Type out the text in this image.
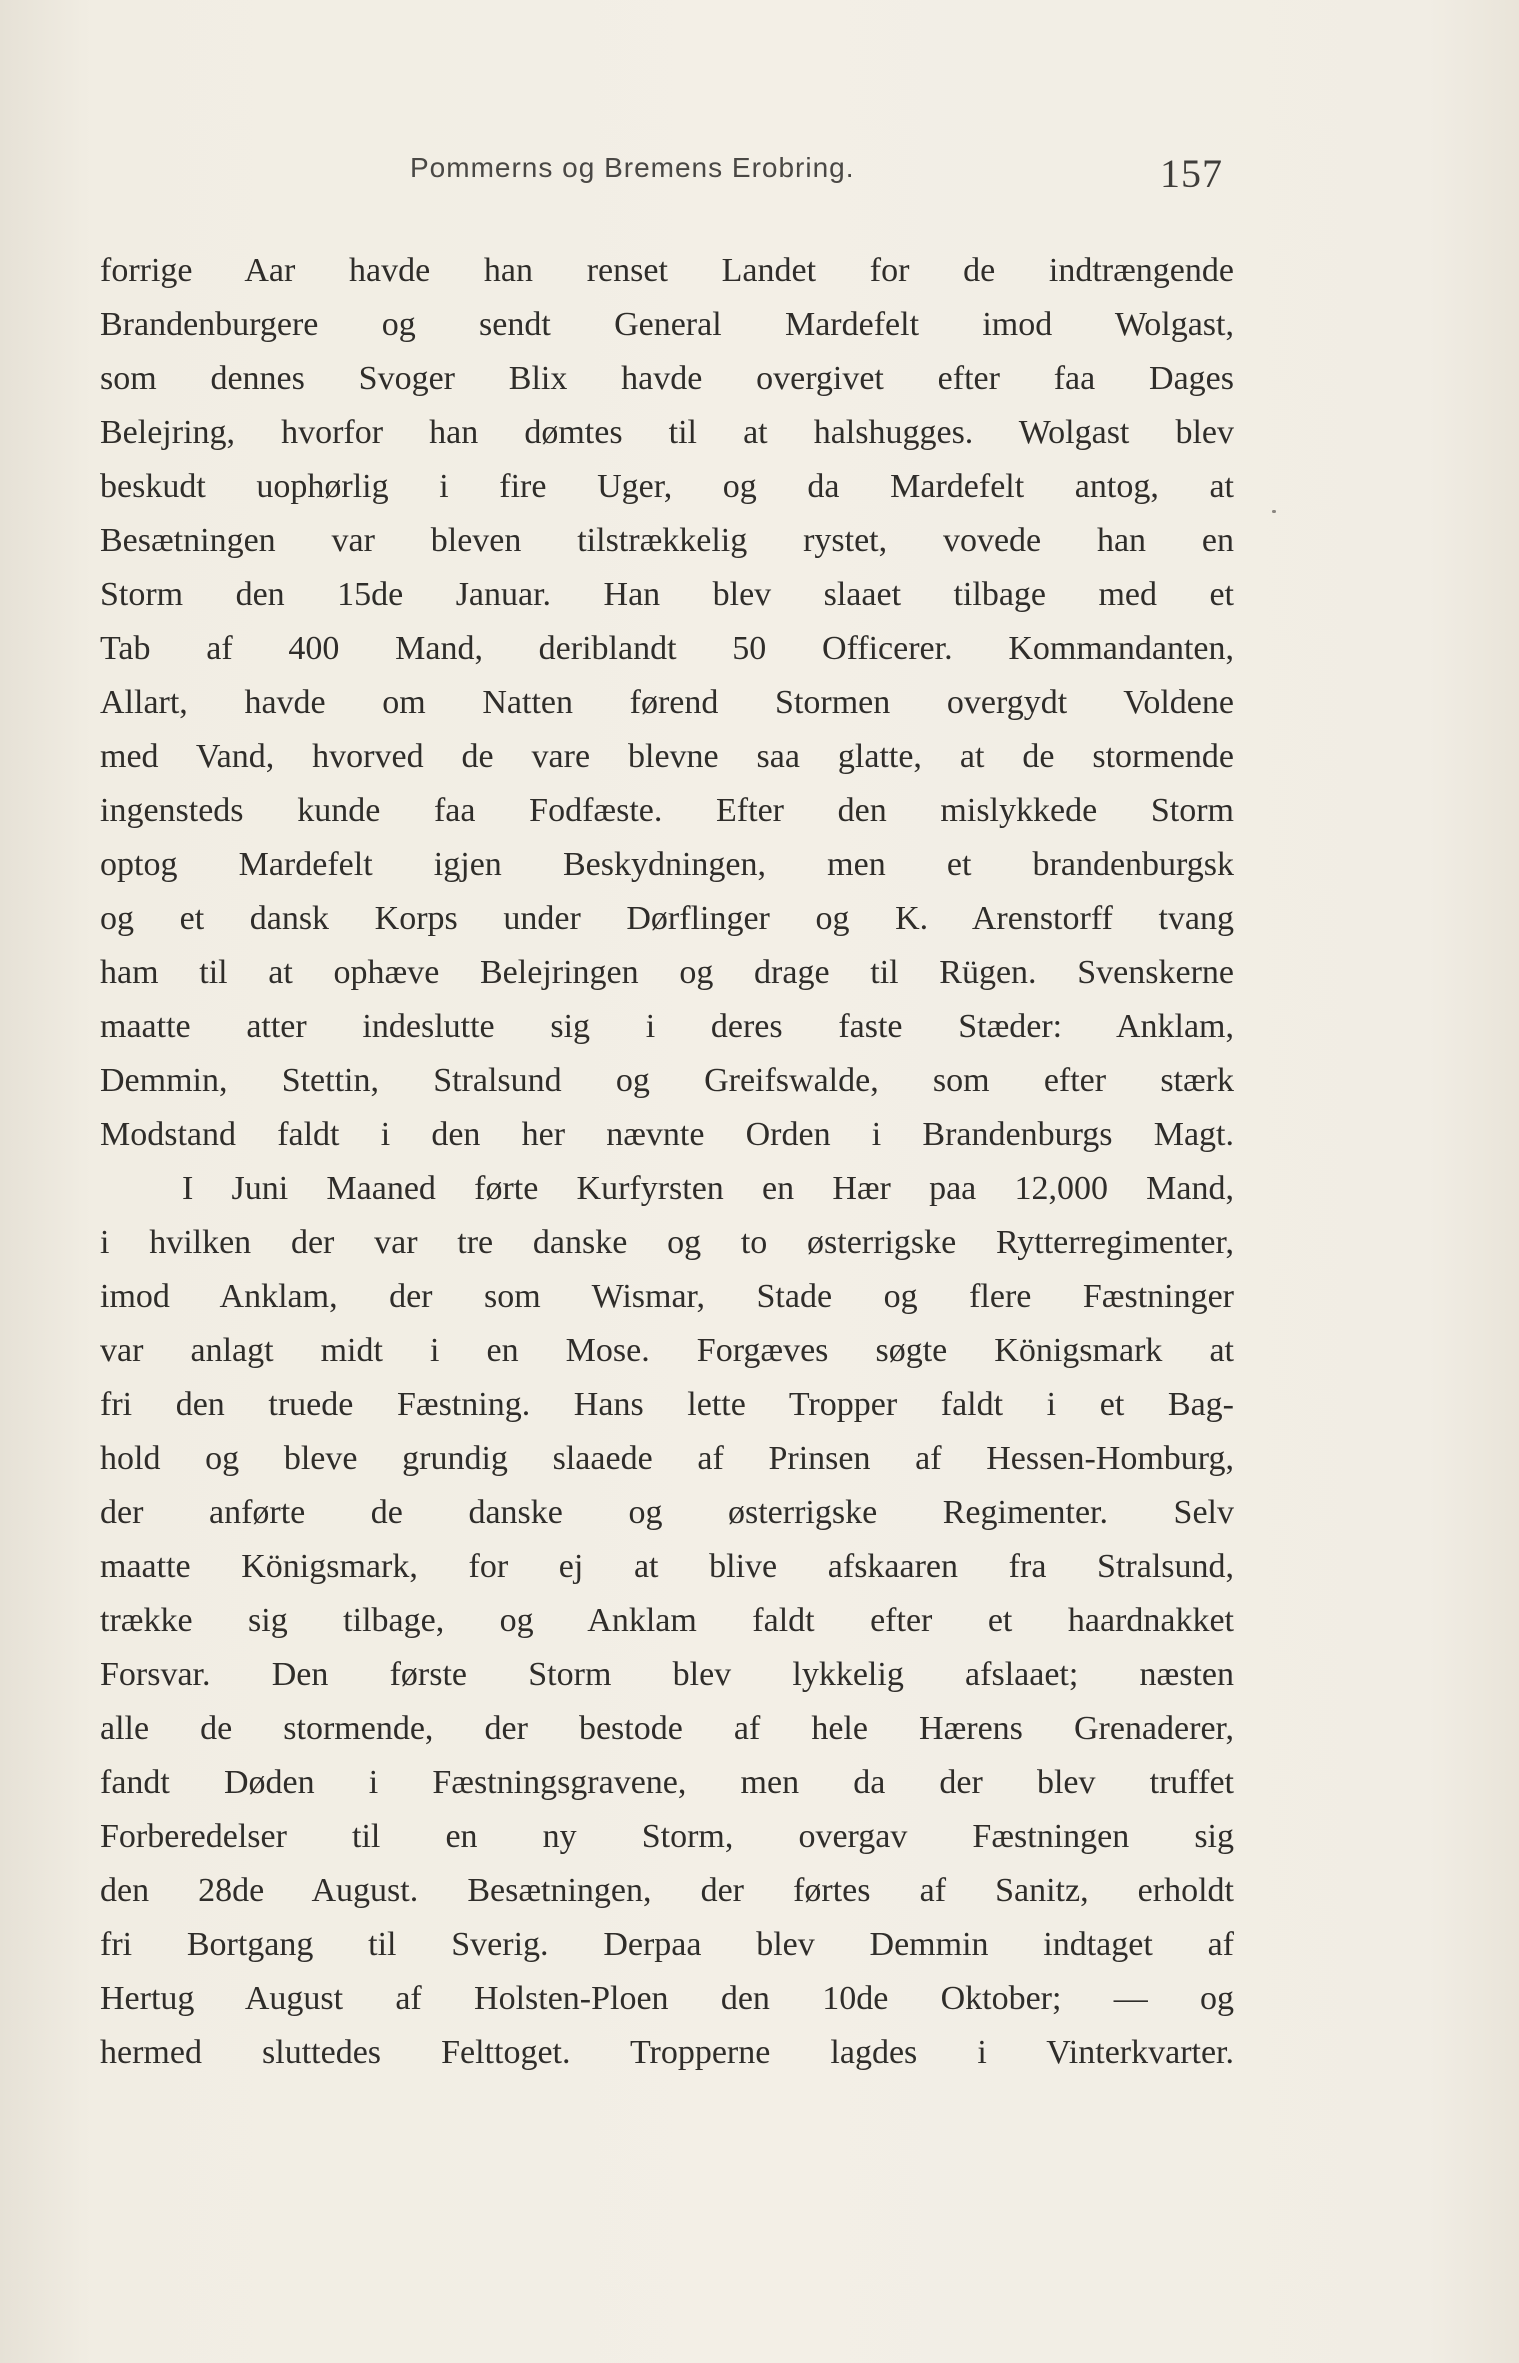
Pommerns og Bremens Erobring.	157
forrige Aar havde han renset Landet for de indtrængende
Brandenburgere og sendt General Mardefelt imod Wolgast,
som dennes Svoger Blix havde overgivet efter faa Dages
Belejring, hvorfor han dømtes til at halshugges. Wolgast blev
beskudt uophørlig i fire Uger, og da Mardefelt antog, at
Besætningen var bleven tilstrækkelig rystet, vovede han en
Storm den 15de Januar. Han blev slaaet tilbage med et
Tab af 400 Mand, deriblandt 50 Officerer. Kommandanten,
Allart, havde om Natten førend Stormen overgydt Voldene
med Vand, hvorved de vare blevne saa glatte, at de stormende
ingensteds kunde faa Fodfæste. Efter den mislykkede Storm
optog Mardefelt igjen Beskydningen, men et brandenburgsk
og et dansk Korps under Dørflinger og K. Arenstorff tvang
ham til at ophæve Belejringen og drage til Rügen. Svenskerne
maatte atter indeslutte sig i deres faste Stæder: Anklam,
Demmin, Stettin, Stralsund og Greifswalde, som efter stærk
Modstand faldt i den her nævnte Orden i Brandenburgs Magt.
I Juni Maaned førte Kurfyrsten en Hær paa 12,000 Mand,
i hvilken der var tre danske og to østerrigske Rytterregimenter,
imod Anklam, der som Wismar, Stade og flere Fæstninger
var anlagt midt i en Mose. Forgæves søgte Königsmark at
fri den truede Fæstning. Hans lette Tropper faldt i et Bag-
hold og bleve grundig slaaede af Prinsen af Hessen-Homburg,
der anførte de danske og østerrigske Regimenter. Selv
maatte Königsmark, for ej at blive afskaaren fra Stralsund,
trække sig tilbage, og Anklam faldt efter et haardnakket
Forsvar. Den første Storm blev lykkelig afslaaet; næsten
alle de stormende, der bestode af hele Hærens Grenaderer,
fandt Døden i Fæstningsgravene, men da der blev truffet
Forberedelser til en ny Storm, overgav Fæstningen sig
den 28de August. Besætningen, der førtes af Sanitz, erholdt
fri Bortgang til Sverig. Derpaa blev Demmin indtaget af
Hertug August af Holsten-Ploen den 10de Oktober; — og
hermed sluttedes Felttoget. Tropperne lagdes i Vinterkvarter.
